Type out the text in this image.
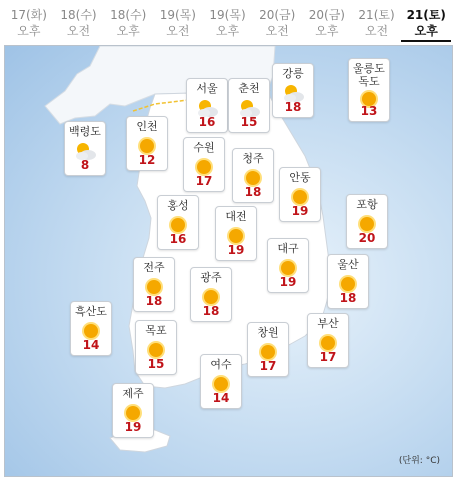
17(화)
오후
18(수)
오전
18(수)
오후
19(목)
오전
19(목)
오후
20(금)
오전
20(금)
오후
21(토)
오전
21(토)
오후
서울
16
춘천
15
강릉
18
울릉도
독도
13
백령도
8
인천
12
수원
17
청주
18
안동
19	포항
20
홍성
16
대전
19	대구
19
전주
18
광주
18
울산
18
흑산도
14
목포
15
창원
17
부산
17
여수
14
제주
19
(단위: °C)
